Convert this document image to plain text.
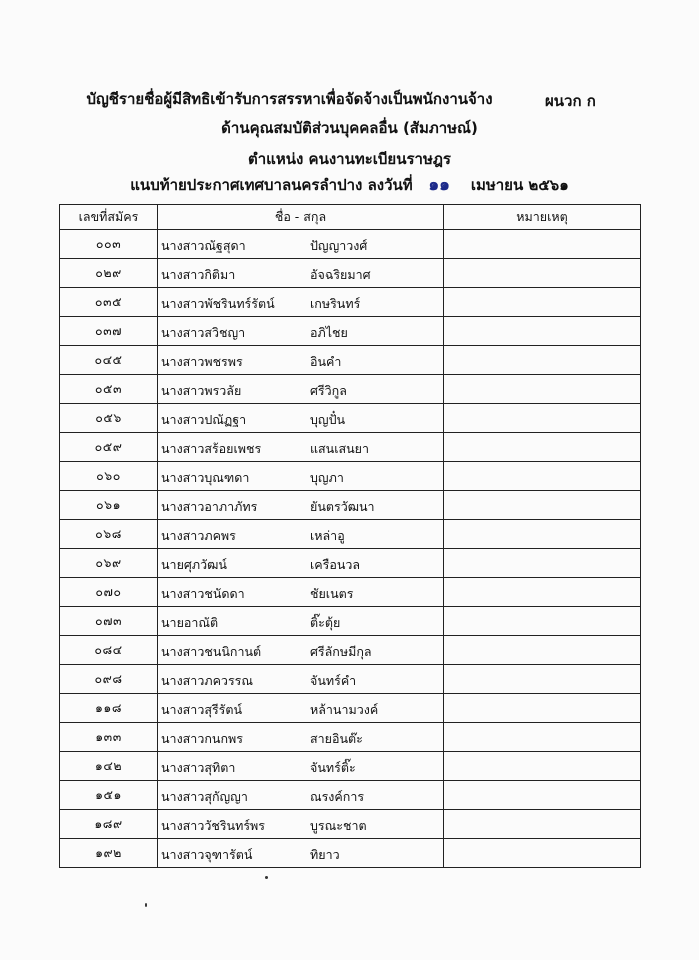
บัญชีรายชื่อผู้มีสิทธิเข้ารับการสรรหาเพื่อจัดจ้างเป็นพนักงานจ้าง	ผนวก ก
ด้านคุณสมบัติส่วนบุคคลอื่น (สัมภาษณ์)
ตำแหน่ง คนงานทะเบียนราษฎร
แนบท้ายประกาศเทศบาลนครลำปาง ลงวันที่ ๑๑ เมษายน ๒๕๖๑
เลขที่สมัคร	ชื่อ - สกุล	หมายเหตุ
๐๐๓	นางสาวณัฐสุดา ปัญญาวงศ์	

๐๒๙	นางสาวกิติมา อัจฉริยมาศ	

๐๓๕	นางสาวพัชรินทร์รัตน์ เกษรินทร์	

๐๓๗	นางสาวสวิชญา อภิไชย	

๐๔๕	นางสาวพชรพร อินคำ	

๐๕๓	นางสาวพรวลัย ศรีวิกูล	

๐๕๖	นางสาวปณัฏฐา บุญปั๋น	

๐๕๙	นางสาวสร้อยเพชร แสนเสนยา	

๐๖๐	นางสาวบุณฑดา บุญภา	

๐๖๑	นางสาวอาภาภัทร ยันตรวัฒนา	

๐๖๘	นางสาวภคพร เหล่าอู	

๐๖๙	นายศุภวัฒน์ เครือนวล	

๐๗๐	นางสาวชนัดดา ชัยเนตร	

๐๗๓	นายอาณัติ ติ๊ะตุ้ย	

๐๘๔	นางสาวชนนิกานต์ ศรีลักษมีกุล	

๐๙๘	นางสาวภควรรณ จันทร์คำ	

๑๑๘	นางสาวสุรีรัตน์ หล้านามวงค์	

๑๓๓	นางสาวกนกพร สายอินต๊ะ	

๑๔๒	นางสาวสุทิตา จันทร์ติ๊ะ	

๑๕๑	นางสาวสุกัญญา ณรงค์การ	

๑๘๙	นางสาววัชรินทร์พร บูรณะชาต	

๑๙๒	นางสาวจุฑารัตน์ ทิยาว	
